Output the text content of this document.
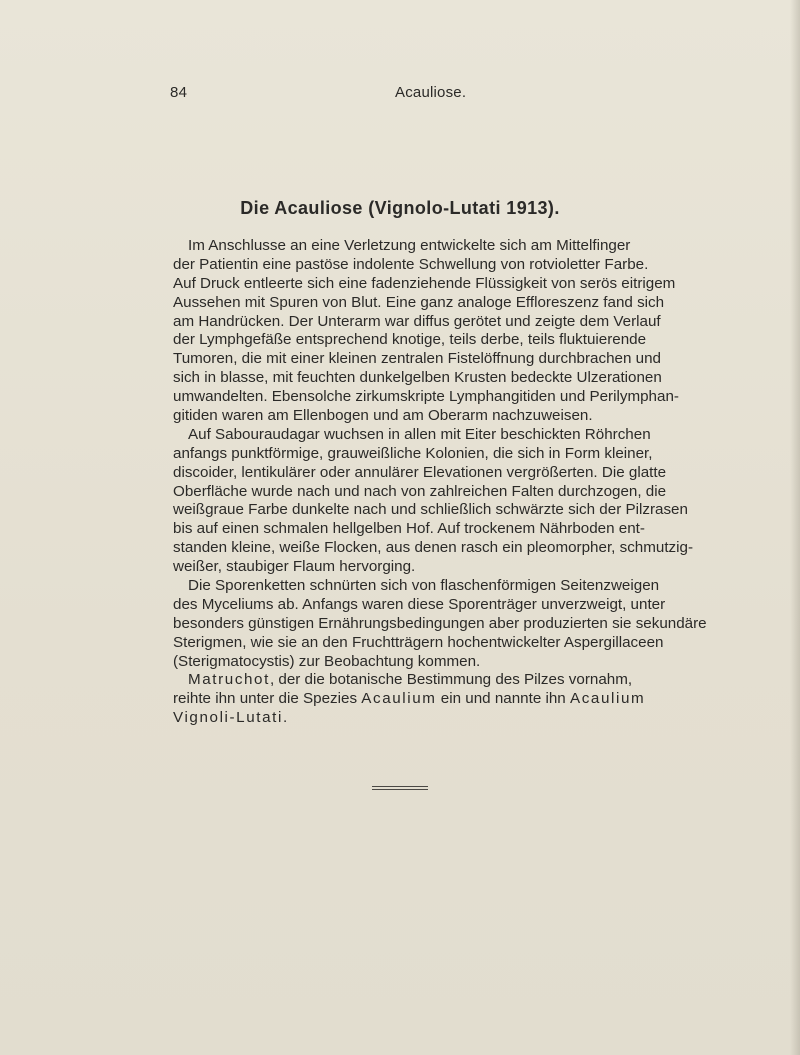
84	Acauliose.
Die Acauliose (Vignolo-Lutati 1913).
Im Anschlusse an eine Verletzung entwickelte sich am Mittelfinger
der Patientin eine pastöse indolente Schwellung von rotvioletter Farbe.
Auf Druck entleerte sich eine fadenziehende Flüssigkeit von serös eitrigem
Aussehen mit Spuren von Blut. Eine ganz analoge Effloreszenz fand sich
am Handrücken. Der Unterarm war diffus gerötet und zeigte dem Verlauf
der Lymphgefäße entsprechend knotige, teils derbe, teils fluktuierende
Tumoren, die mit einer kleinen zentralen Fistelöffnung durchbrachen und
sich in blasse, mit feuchten dunkelgelben Krusten bedeckte Ulzerationen
umwandelten. Ebensolche zirkumskripte Lymphangitiden und Perilymphan-
gitiden waren am Ellenbogen und am Oberarm nachzuweisen.
Auf Sabouraudagar wuchsen in allen mit Eiter beschickten Röhrchen
anfangs punktförmige, grauweißliche Kolonien, die sich in Form kleiner,
discoider, lentikulärer oder annulärer Elevationen vergrößerten. Die glatte
Oberfläche wurde nach und nach von zahlreichen Falten durchzogen, die
weißgraue Farbe dunkelte nach und schließlich schwärzte sich der Pilzrasen
bis auf einen schmalen hellgelben Hof. Auf trockenem Nährboden ent-
standen kleine, weiße Flocken, aus denen rasch ein pleomorpher, schmutzig-
weißer, staubiger Flaum hervorging.
Die Sporenketten schnürten sich von flaschenförmigen Seitenzweigen
des Myceliums ab. Anfangs waren diese Sporenträger unverzweigt, unter
besonders günstigen Ernährungsbedingungen aber produzierten sie sekundäre
Sterigmen, wie sie an den Fruchtträgern hochentwickelter Aspergillaceen
(Sterigmatocystis) zur Beobachtung kommen.
Matruchot, der die botanische Bestimmung des Pilzes vornahm,
reihte ihn unter die Spezies Acaulium ein und nannte ihn Acaulium
Vignoli-Lutati.
